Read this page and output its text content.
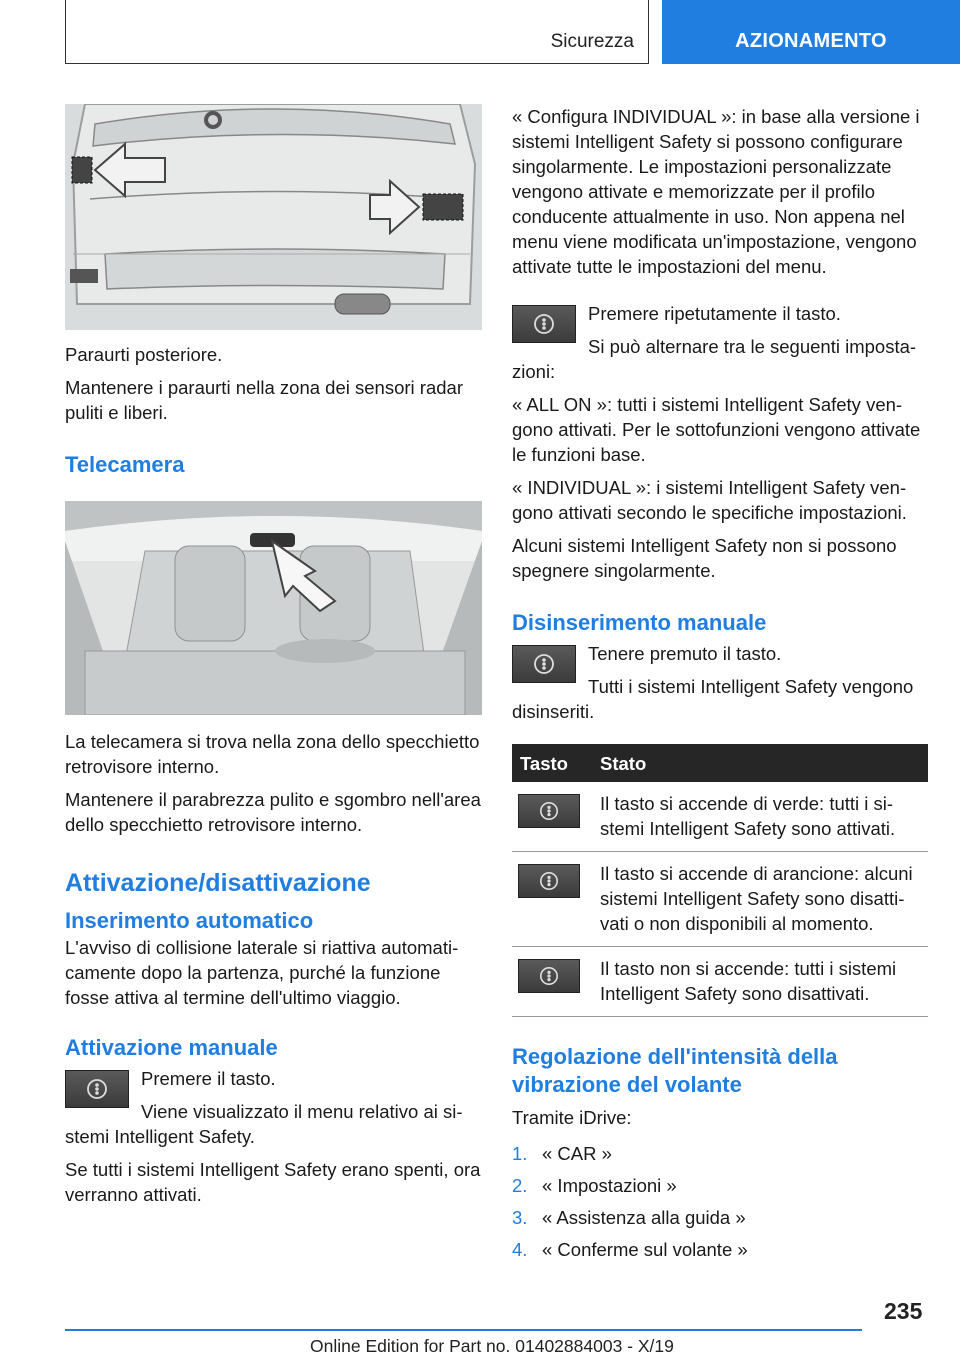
Sicurezza	AZIONAMENTO

Paraurti posteriore.

Mantenere i paraurti nella zona dei sensori radar puliti e liberi.

Telecamera

La telecamera si trova nella zona dello specchietto retrovisore interno.

Mantenere il parabrezza pulito e sgombro nell'area dello specchietto retrovisore interno.

Attivazione/disattivazione
Inserimento automatico

L'avviso di collisione laterale si riattiva automaticamente dopo la partenza, purché la funzione fosse attiva al termine dell'ultimo viaggio.

Attivazione manuale

Premere il tasto.

Viene visualizzato il menu relativo ai sistemi Intelligent Safety.

Se tutti i sistemi Intelligent Safety erano spenti, ora verranno attivati.

« Configura INDIVIDUAL »: in base alla versione i sistemi Intelligent Safety si possono configurare singolarmente. Le impostazioni personalizzate vengono attivate e memorizzate per il profilo conducente attualmente in uso. Non appena nel menu viene modificata un'impostazione, vengono attivate tutte le impostazioni del menu.

Premere ripetutamente il tasto.

Si può alternare tra le seguenti impostazioni:

« ALL ON »: tutti i sistemi Intelligent Safety vengono attivati. Per le sottofunzioni vengono attivate le funzioni base.

« INDIVIDUAL »: i sistemi Intelligent Safety vengono attivati secondo le specifiche impostazioni.

Alcuni sistemi Intelligent Safety non si possono spegnere singolarmente.

Disinserimento manuale

Tenere premuto il tasto.

Tutti i sistemi Intelligent Safety vengono disinseriti.

Tasto	Stato

	Il tasto si accende di verde: tutti i sistemi Intelligent Safety sono attivati.

	Il tasto si accende di arancione: alcuni sistemi Intelligent Safety sono disattivati o non disponibili al momento.

	Il tasto non si accende: tutti i sistemi Intelligent Safety sono disattivati.
Regolazione dell'intensità della vibrazione del volante

Tramite iDrive:

1. « CAR »
2. « Impostazioni »
3. « Assistenza alla guida »
4. « Conferme sul volante »
235
Online Edition for Part no. 01402884003 - X/19
